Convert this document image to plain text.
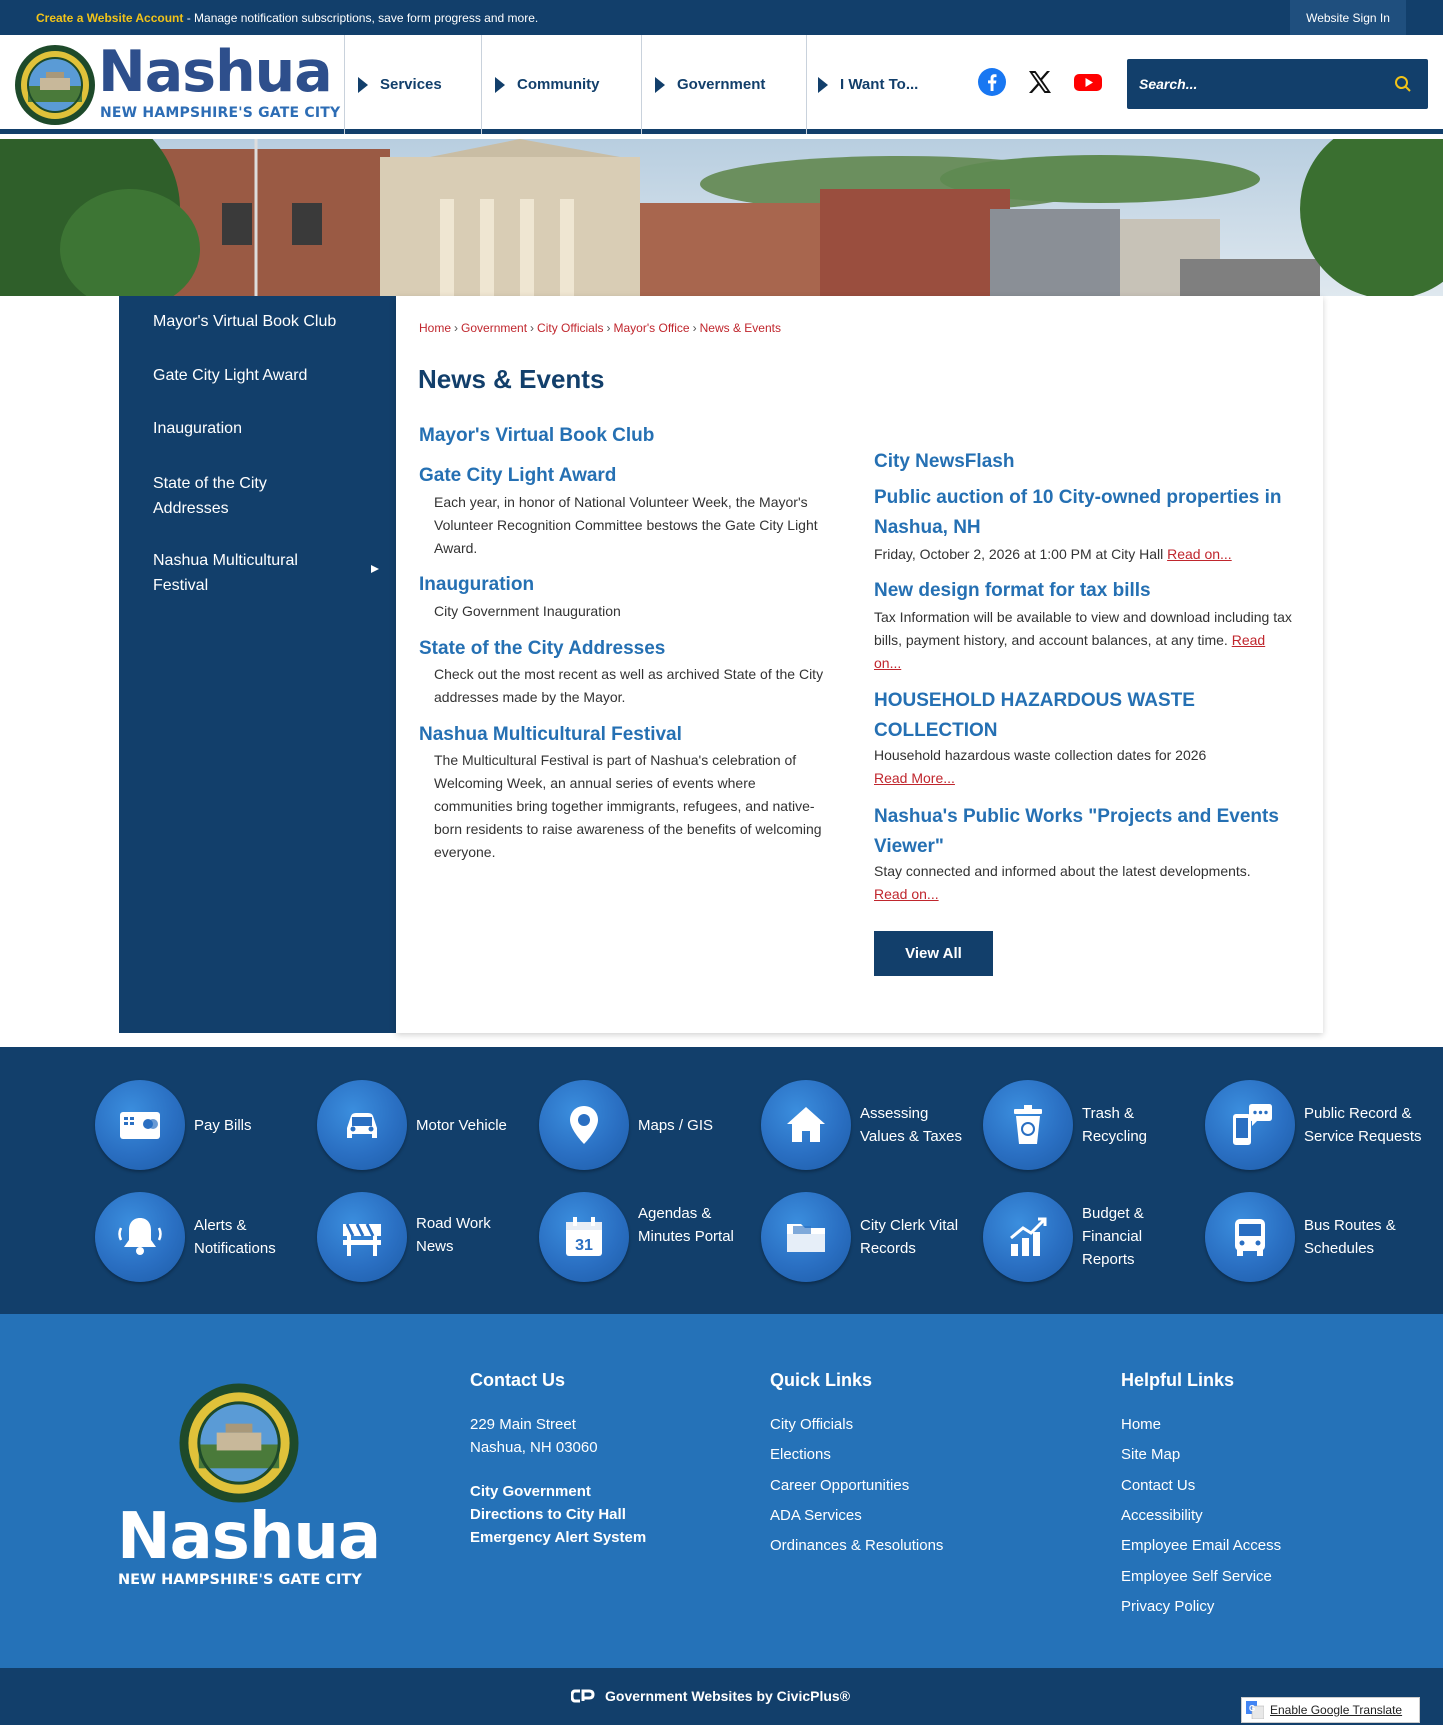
Create a Website Account - Manage notification subscriptions, save form progress and more.	Website Sign In
Nashua
NEW HAMPSHIRE'S GATE CITY
Services	Community	Government	I Want To...
Search...
Mayor's Virtual Book Club
Gate City Light Award
Inauguration
State of the City Addresses
Nashua Multicultural Festival
Home › Government › City Officials › Mayor's Office › News & Events
News & Events
Mayor's Virtual Book Club
Gate City Light Award
Each year, in honor of National Volunteer Week, the Mayor's Volunteer Recognition Committee bestows the Gate City Light Award.
Inauguration
City Government Inauguration
State of the City Addresses
Check out the most recent as well as archived State of the City addresses made by the Mayor.
Nashua Multicultural Festival
The Multicultural Festival is part of Nashua's celebration of Welcoming Week, an annual series of events where communities bring together immigrants, refugees, and native-born residents to raise awareness of the benefits of welcoming everyone.
City NewsFlash
Public auction of 10 City-owned properties in Nashua, NH
Friday, October 2, 2026 at 1:00 PM at City Hall Read on...
New design format for tax bills
Tax Information will be available to view and download including tax bills, payment history, and account balances, at any time. Read on...
HOUSEHOLD HAZARDOUS WASTE COLLECTION
Household hazardous waste collection dates for 2026
Read More...
Nashua's Public Works "Projects and Events Viewer"
Stay connected and informed about the latest developments.
Read on...
View All
Pay Bills	Motor Vehicle	Maps / GIS
Assessing Values & Taxes
Trash & Recycling
Public Record & Service Requests
Alerts & Notifications
Road Work News	31
Agendas & Minutes Portal
City Clerk Vital Records
Budget & Financial Reports
Bus Routes & Schedules
Nashua
NEW HAMPSHIRE'S GATE CITY
Contact Us
229 Main Street
Nashua, NH 03060
City Government
Directions to City Hall
Emergency Alert System
Quick Links
City Officials
Elections
Career Opportunities
ADA Services
Ordinances & Resolutions
Helpful Links
Home
Site Map
Contact Us
Accessibility
Employee Email Access
Employee Self Service
Privacy Policy
Government Websites by CivicPlus®
G Enable Google Translate
